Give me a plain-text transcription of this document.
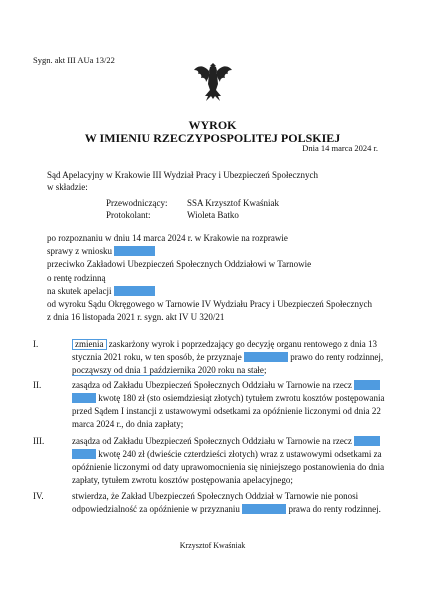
Sygn. akt III AUa 13/22
WYROK
W IMIENIU RZECZYPOSPOLITEJ POLSKIEJ
Dnia 14 marca 2024 r.
Sąd Apelacyjny w Krakowie III Wydział Pracy i Ubezpieczeń Społecznych
w składzie:
Przewodniczący: SSA Krzysztof Kwaśniak
Protokolant:	Wioleta Batko
po rozpoznaniu w dniu 14 marca 2024 r. w Krakowie na rozprawie
sprawy z wniosku
przeciwko Zakładowi Ubezpieczeń Społecznych Oddziałowi w Tarnowie
o rentę rodzinną
na skutek apelacji
od wyroku Sądu Okręgowego w Tarnowie IV Wydziału Pracy i Ubezpieczeń Społecznych
z dnia 16 listopada 2021 r. sygn. akt IV U 320/21
I.	zmienia zaskarżony wyrok i poprzedzający go decyzję organu rentowego z dnia 13
stycznia 2021 roku, w ten sposób, że przyznaje	prawo do renty rodzinnej,
począwszy od dnia 1 października 2020 roku na stałe;
II.	zasądza od Zakładu Ubezpieczeń Społecznych Oddziału w Tarnowie na rzecz
kwotę 180 zł (sto osiemdziesiąt złotych) tytułem zwrotu kosztów postępowania
przed Sądem I instancji z ustawowymi odsetkami za opóźnienie liczonymi od dnia 22
marca 2024 r., do dnia zapłaty;
III.	zasądza od Zakładu Ubezpieczeń Społecznych Oddziału w Tarnowie na rzecz
kwotę 240 zł (dwieście czterdzieści złotych) wraz z ustawowymi odsetkami za
opóźnienie liczonymi od daty uprawomocnienia się niniejszego postanowienia do dnia
zapłaty, tytułem zwrotu kosztów postępowania apelacyjnego;
IV.	stwierdza, że Zakład Ubezpieczeń Społecznych Oddział w Tarnowie nie ponosi
odpowiedzialność za opóźnienie w przyznaniu	prawa do renty rodzinnej.
Krzysztof Kwaśniak
